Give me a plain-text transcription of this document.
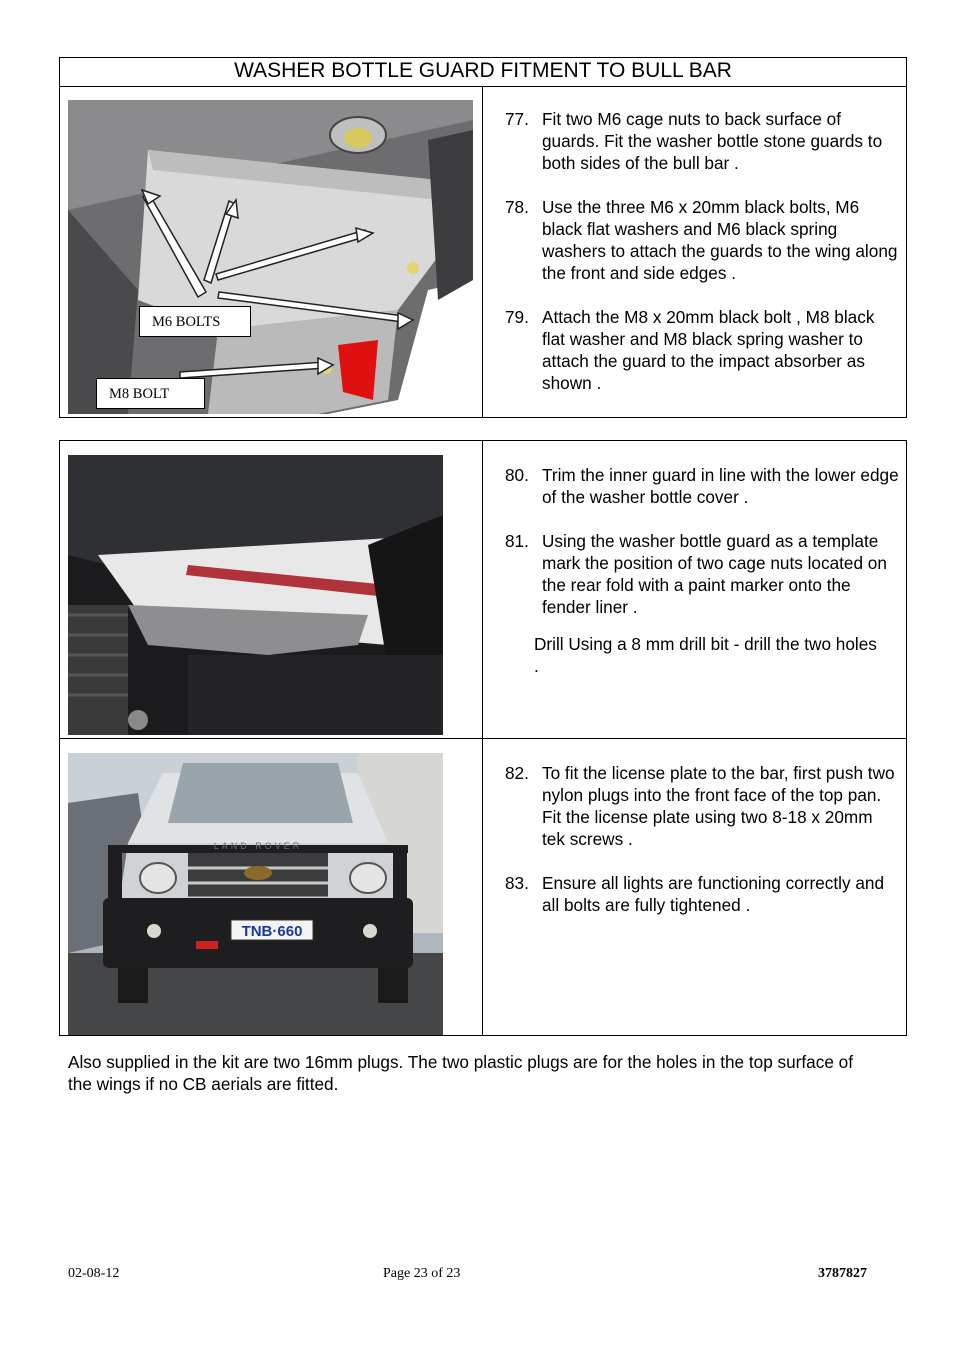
WASHER BOTTLE GUARD FITMENT TO BULL BAR
M6 BOLTS
M8 BOLT
77. Fit two M6 cage nuts to back surface of guards. Fit the washer bottle stone guards to both sides of the bull bar .
78. Use the three M6 x 20mm black bolts, M6 black flat washers and M6 black spring washers to attach the guards to the wing along the front and side edges .
79. Attach the M8 x 20mm black bolt , M8 black flat washer and M8 black spring washer to attach the guard to the impact absorber as shown .
80. Trim the inner guard in line with the lower edge of the washer bottle cover .
81. Using the washer bottle guard as a template mark the position of two cage nuts located on the rear fold with a paint marker onto the fender liner .
Drill Using a 8 mm drill bit - drill the two holes .
TNB·660
LAND ROVER
82. To fit the license plate to the bar, first push two nylon plugs into the front face of the top pan. Fit the license plate using two 8-18 x 20mm tek screws .
83. Ensure all lights are functioning correctly and all bolts are fully tightened .
Also supplied in the kit are two 16mm plugs. The two plastic plugs are for the holes in the top surface of the wings if no CB aerials are fitted.
02-08-12	Page 23 of 23	3787827
